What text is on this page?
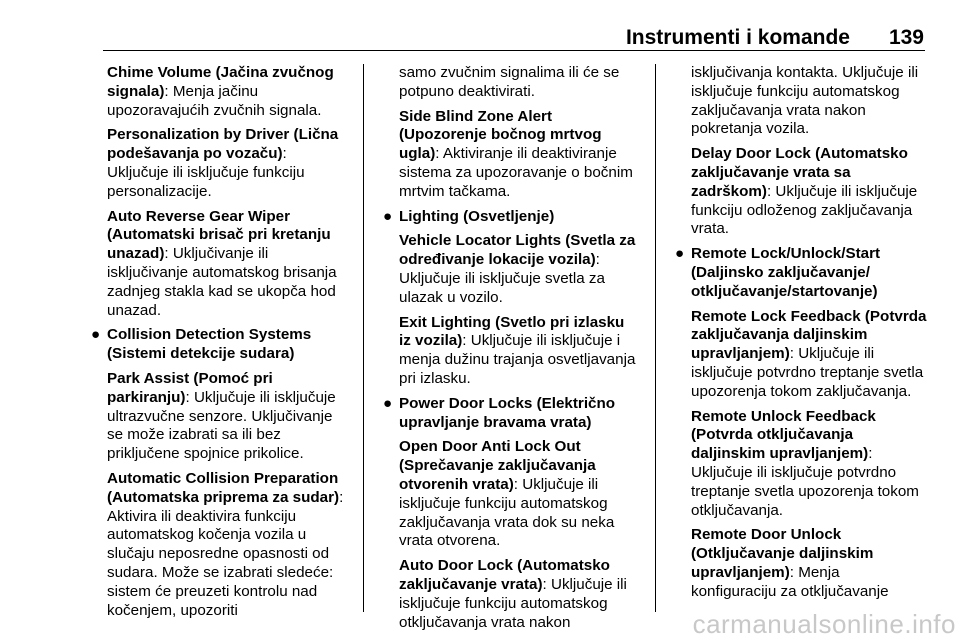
Instrumenti i komande 139

Chime Volume (Jačina zvučnog signala): Menja jačinu upozoravajućih zvučnih signala.

Personalization by Driver (Lična podešavanja po vozaču): Uključuje ili isključuje funkciju personalizacije.

Auto Reverse Gear Wiper (Automatski brisač pri kretanju unazad): Uključivanje ili isključivanje automatskog brisanja zadnjeg stakla kad se ukopča hod unazad.

● Collision Detection Systems (Sistemi detekcije sudara)

Park Assist (Pomoć pri parkiranju): Uključuje ili isključuje ultrazvučne senzore. Uključivanje se može izabrati sa ili bez priključene spojnice prikolice.

Automatic Collision Preparation (Automatska priprema za sudar): Aktivira ili deaktivira funkciju automatskog kočenja vozila u slučaju neposredne opasnosti od sudara. Može se izabrati sledeće: sistem će preuzeti kontrolu nad kočenjem, upozoriti

samo zvučnim signalima ili će se potpuno deaktivirati.

Side Blind Zone Alert (Upozorenje bočnog mrtvog ugla): Aktiviranje ili deaktiviranje sistema za upozoravanje o bočnim mrtvim tačkama.

● Lighting (Osvetljenje)

Vehicle Locator Lights (Svetla za određivanje lokacije vozila): Uključuje ili isključuje svetla za ulazak u vozilo.

Exit Lighting (Svetlo pri izlasku iz vozila): Uključuje ili isključuje i menja dužinu trajanja osvetljavanja pri izlasku.

● Power Door Locks (Električno upravljanje bravama vrata)

Open Door Anti Lock Out (Sprečavanje zaključavanja otvorenih vrata): Uključuje ili isključuje funkciju automatskog zaključavanja vrata dok su neka vrata otvorena.

Auto Door Lock (Automatsko zaključavanje vrata): Uključuje ili isključuje funkciju automatskog otključavanja vrata nakon

isključivanja kontakta. Uključuje ili isključuje funkciju automatskog zaključavanja vrata nakon pokretanja vozila.

Delay Door Lock (Automatsko zaključavanje vrata sa zadrškom): Uključuje ili isključuje funkciju odloženog zaključavanja vrata.

● Remote Lock/Unlock/Start (Daljinsko zaključavanje/ otključavanje/startovanje)

Remote Lock Feedback (Potvrda zaključavanja daljinskim upravljanjem): Uključuje ili isključuje potvrdno treptanje svetla upozorenja tokom zaključavanja.

Remote Unlock Feedback (Potvrda otključavanja daljinskim upravljanjem): Uključuje ili isključuje potvrdno treptanje svetla upozorenja tokom otključavanja.

Remote Door Unlock (Otključavanje daljinskim upravljanjem): Menja konfiguraciju za otključavanje

carmanualsonline.info
